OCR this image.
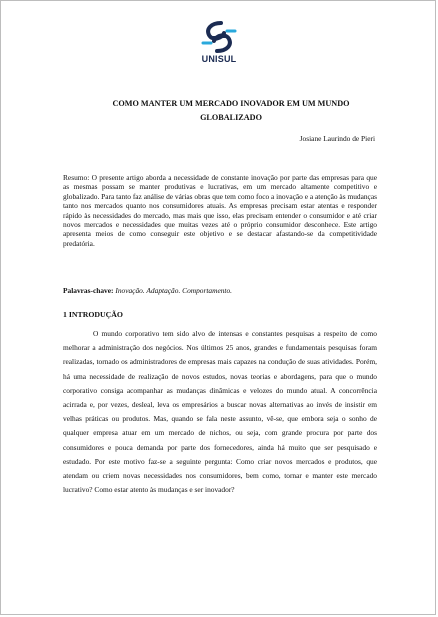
UNISUL
COMO MANTER UM MERCADO INOVADOR EM UM MUNDO GLOBALIZADO
Josiane Laurindo de Pieri
Resumo: O presente artigo aborda a necessidade de constante inovação por parte das empresas para que as mesmas possam se manter produtivas e lucrativas, em um mercado altamente competitivo e globalizado. Para tanto faz análise de várias obras que tem como foco a inovação e a atenção às mudanças tanto nos mercados quanto nos consumidores atuais. As empresas precisam estar atentas e responder rápido às necessidades do mercado, mas mais que isso, elas precisam entender o consumidor e até criar novos mercados e necessidades que muitas vezes até o próprio consumidor desconhece. Este artigo apresenta meios de como conseguir este objetivo e se destacar afastando-se da competitividade predatória.
Palavras-chave: Inovação. Adaptação. Comportamento.
1 INTRODUÇÃO

O mundo corporativo tem sido alvo de intensas e constantes pesquisas a respeito de como melhorar a administração dos negócios. Nos últimos 25 anos, grandes e fundamentais pesquisas foram realizadas, tornado os administradores de empresas mais capazes na condução de suas atividades. Porém, há uma necessidade de realização de novos estudos, novas teorias e abordagens, para que o mundo corporativo consiga acompanhar as mudanças dinâmicas e velozes do mundo atual. A concorrência acirrada e, por vezes, desleal, leva os empresários a buscar novas alternativas ao invés de insistir em velhas práticas ou produtos. Mas, quando se fala neste assunto, vê-se, que embora seja o sonho de qualquer empresa atuar em um mercado de nichos, ou seja, com grande procura por parte dos consumidores e pouca demanda por parte dos fornecedores, ainda há muito que ser pesquisado e estudado. Por este motivo faz-se a seguinte pergunta: Como criar novos mercados e produtos, que atendam ou criem novas necessidades nos consumidores, bem como, tornar e manter este mercado lucrativo? Como estar atento às mudanças e ser inovador?
